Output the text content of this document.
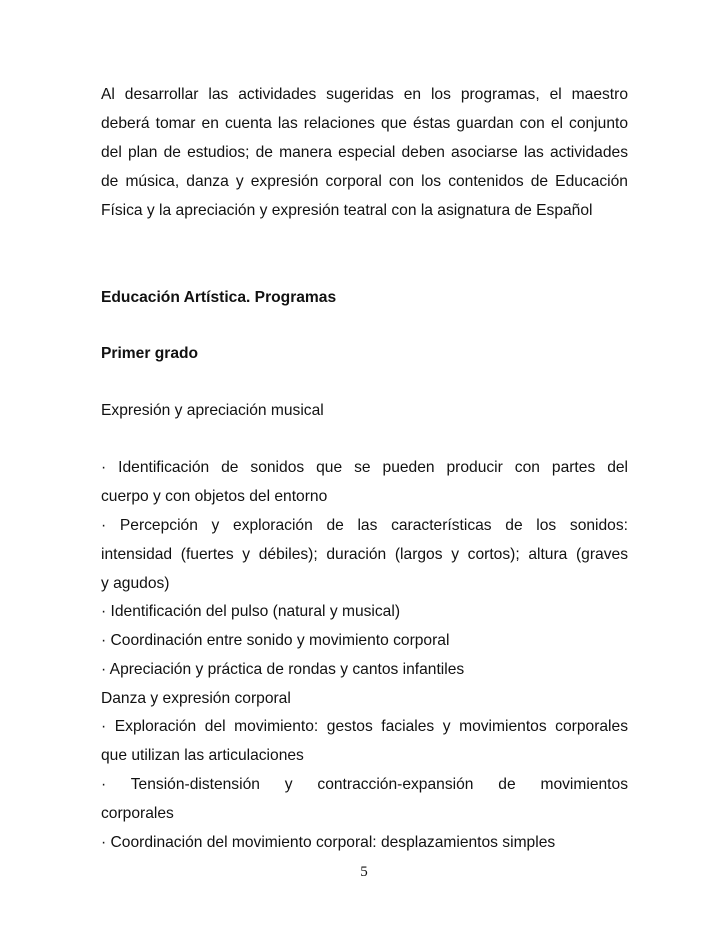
Al desarrollar las actividades sugeridas en los programas, el maestro deberá tomar en cuenta las relaciones que éstas guardan con el conjunto del plan de estudios; de manera especial deben asociarse las actividades de música, danza y expresión corporal con los contenidos de Educación Física y la apreciación y expresión teatral con la asignatura de Español
Educación Artística. Programas
Primer grado
Expresión y apreciación musical
· Identificación de sonidos que se pueden producir con partes del
cuerpo y con objetos del entorno
· Percepción y exploración de las características de los sonidos:
intensidad (fuertes y débiles); duración (largos y cortos); altura (graves
y agudos)
· Identificación del pulso (natural y musical)
· Coordinación entre sonido y movimiento corporal
· Apreciación y práctica de rondas y cantos infantiles
Danza y expresión corporal
· Exploración del movimiento: gestos faciales y movimientos corporales
que utilizan las articulaciones
· Tensión-distensión y contracción-expansión de movimientos
corporales
· Coordinación del movimiento corporal: desplazamientos simples
5
